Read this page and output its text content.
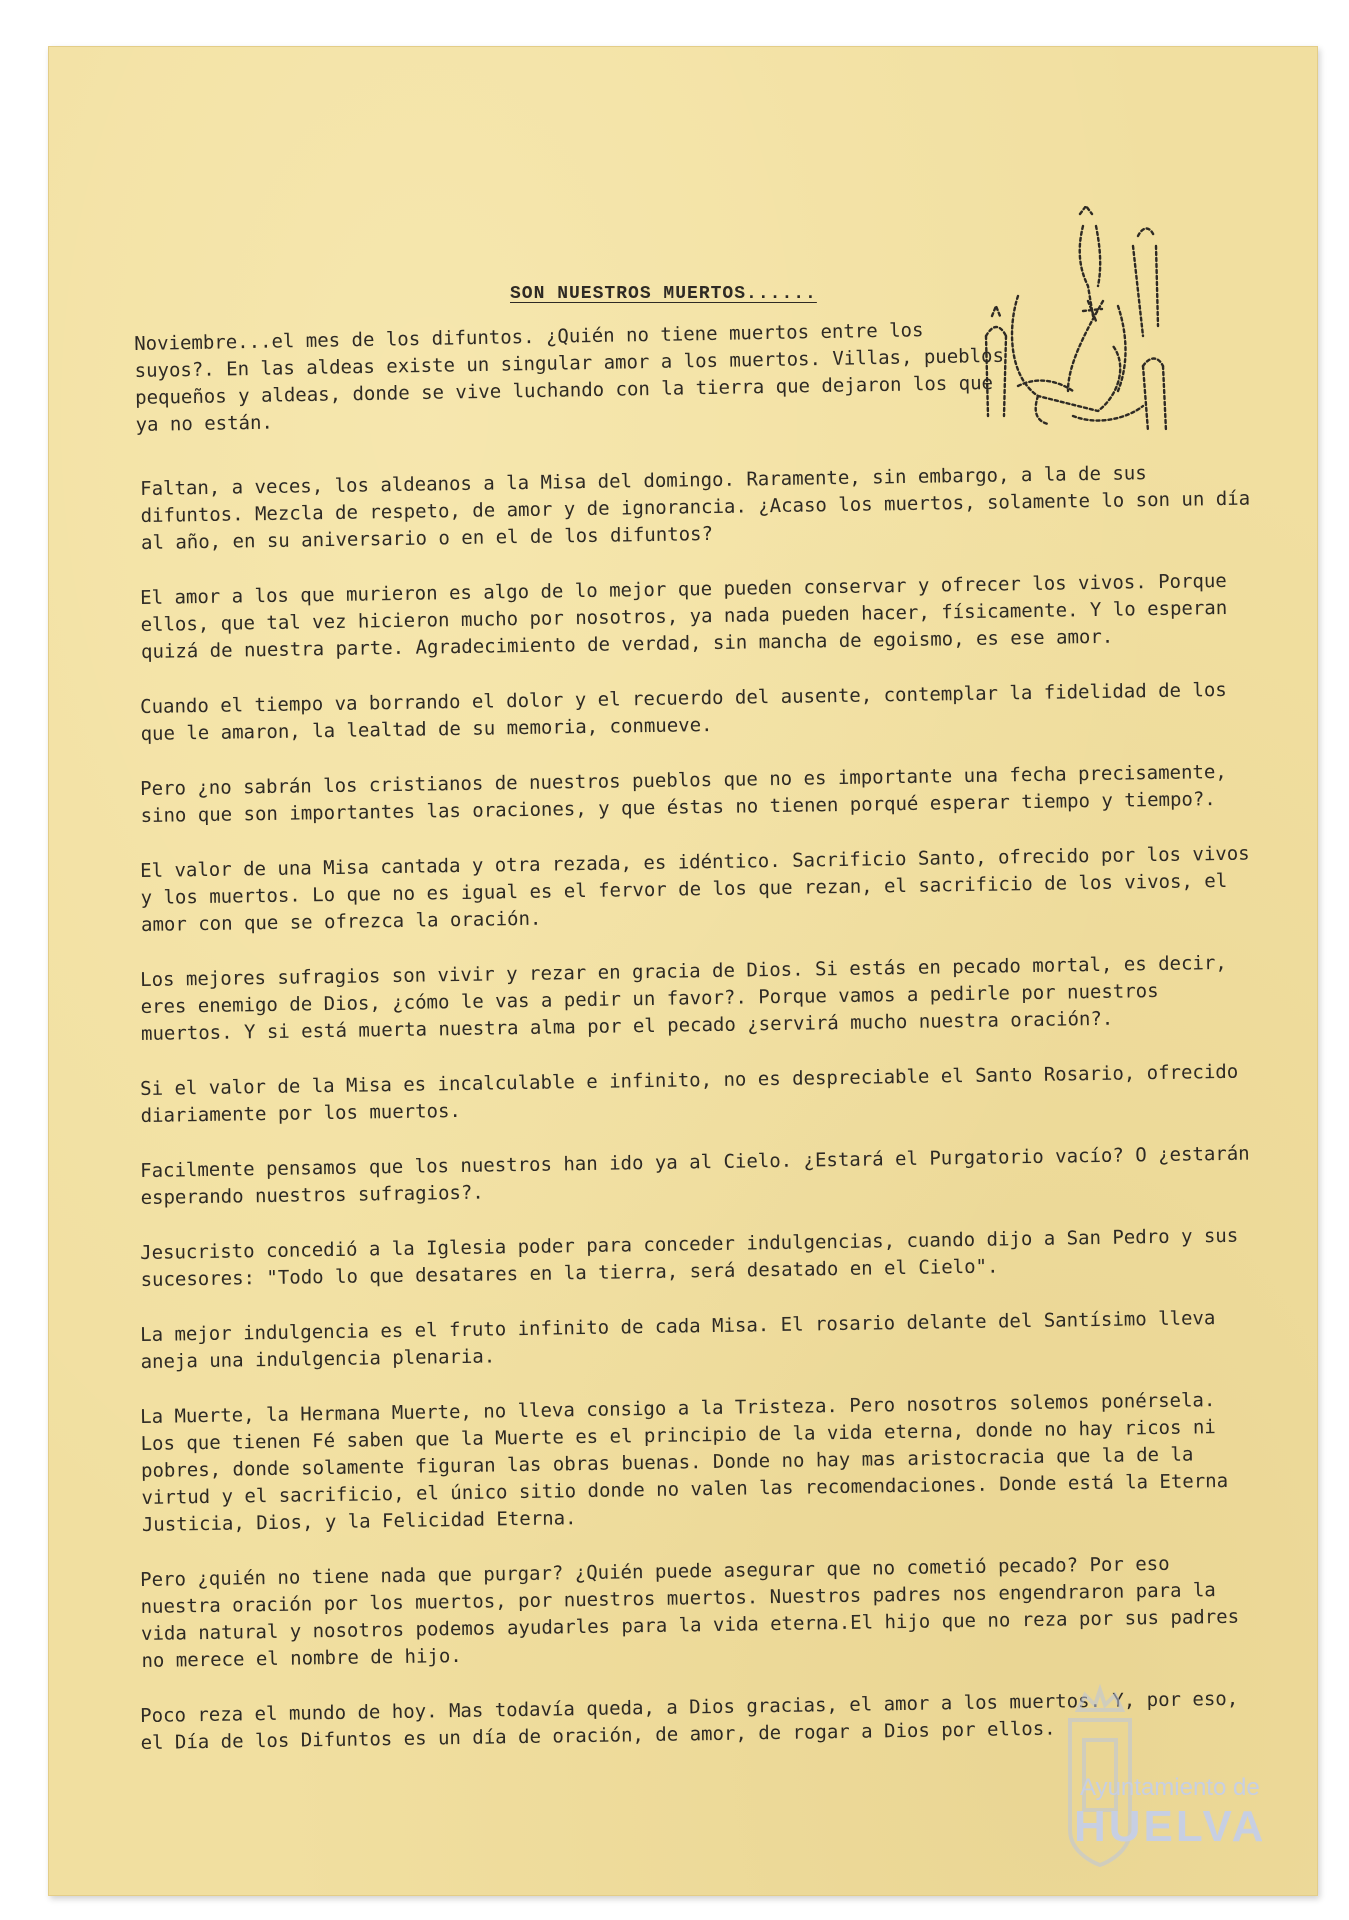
SON NUESTROS MUERTOS......

Noviembre...el mes de los difuntos. ¿Quién no tiene muertos entre los suyos?. En las aldeas existe un singular amor a los muertos. Villas, pueblos pequeños y aldeas, donde se vive luchando con la tierra que dejaron los que ya no están.

Faltan, a veces, los aldeanos a la Misa del domingo. Raramente, sin embargo, a la de sus difuntos. Mezcla de respeto, de amor y de ignorancia. ¿Acaso los muertos, solamente lo son un día al año, en su aniversario o en el de los difuntos?

El amor a los que murieron es algo de lo mejor que pueden conservar y ofrecer los vivos. Porque ellos, que tal vez hicieron mucho por nosotros, ya nada pueden hacer, físicamente. Y lo esperan quizá de nuestra parte. Agradecimiento de verdad, sin mancha de egoismo, es ese amor.

Cuando el tiempo va borrando el dolor y el recuerdo del ausente, contemplar la fidelidad de los que le amaron, la lealtad de su memoria, conmueve.

Pero ¿no sabrán los cristianos de nuestros pueblos que no es importante una fecha precisamente, sino que son importantes las oraciones, y que éstas no tienen porqué esperar tiempo y tiempo?.

El valor de una Misa cantada y otra rezada, es idéntico. Sacrificio Santo, ofrecido por los vivos y los muertos. Lo que no es igual es el fervor de los que rezan, el sacrificio de los vivos, el amor con que se ofrezca la oración.

Los mejores sufragios son vivir y rezar en gracia de Dios. Si estás en pecado mortal, es decir, eres enemigo de Dios, ¿cómo le vas a pedir un favor?. Porque vamos a pedirle por nuestros muertos. Y si está muerta nuestra alma por el pecado ¿servirá mucho nuestra oración?.

Si el valor de la Misa es incalculable e infinito, no es despreciable el Santo Rosario, ofrecido diariamente por los muertos.

Facilmente pensamos que los nuestros han ido ya al Cielo. ¿Estará el Purgatorio vacío? O ¿estarán esperando nuestros sufragios?.

Jesucristo concedió a la Iglesia poder para conceder indulgencias, cuando dijo a San Pedro y sus sucesores: "Todo lo que desatares en la tierra, será desatado en el Cielo".

La mejor indulgencia es el fruto infinito de cada Misa. El rosario delante del Santísimo lleva aneja una indulgencia plenaria.

La Muerte, la Hermana Muerte, no lleva consigo a la Tristeza. Pero nosotros solemos ponérsela. Los que tienen Fé saben que la Muerte es el principio de la vida eterna, donde no hay ricos ni pobres, donde solamente figuran las obras buenas. Donde no hay mas aristocracia que la de la virtud y el sacrificio, el único sitio donde no valen las recomendaciones. Donde está la Eterna Justicia, Dios, y la Felicidad Eterna.

Pero ¿quién no tiene nada que purgar? ¿Quién puede asegurar que no cometió pecado? Por eso nuestra oración por los muertos, por nuestros muertos. Nuestros padres nos engendraron para la vida natural y nosotros podemos ayudarles para la vida eterna.El hijo que no reza por sus padres no merece el nombre de hijo.

Poco reza el mundo de hoy. Mas todavía queda, a Dios gracias, el amor a los muertos. Y, por eso, el Día de los Difuntos es un día de oración, de amor, de rogar a Dios por ellos.

Ayuntamiento de

HUELVA
